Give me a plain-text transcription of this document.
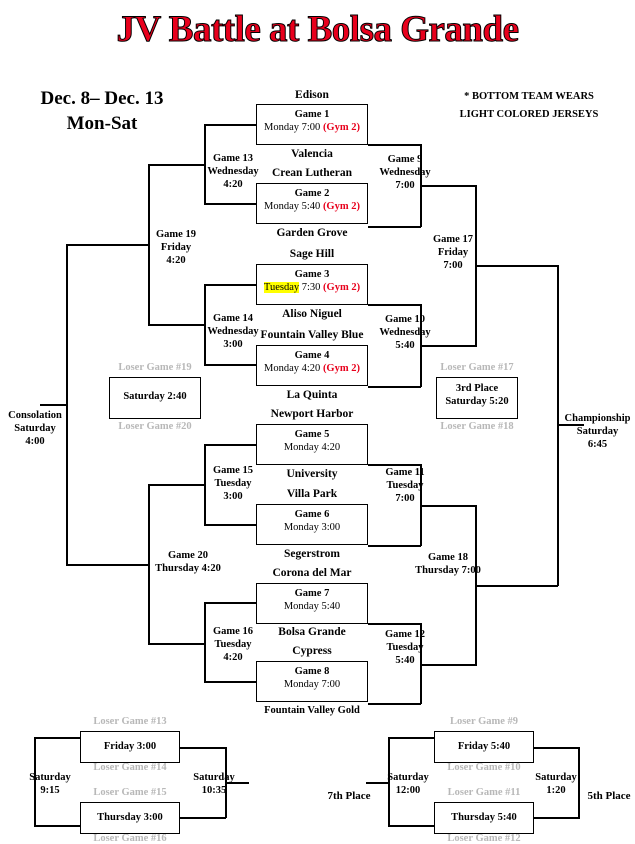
JV Battle at Bolsa Grande
Dec. 8– Dec. 13
Mon-Sat
* BOTTOM TEAM WEARS
LIGHT COLORED JERSEYS
Edison
Game 1
Monday 7:00 (Gym 2)
Valencia
Crean Lutheran
Game 2
Monday 5:40 (Gym 2)
Garden Grove
Sage Hill
Game 3
Tuesday 7:30 (Gym 2)
Aliso Niguel
Fountain Valley Blue
Game 4
Monday 4:20 (Gym 2)
La Quinta
Newport Harbor
Game 5
Monday 4:20
University
Villa Park
Game 6
Monday 3:00
Segerstrom
Corona del Mar
Game 7
Monday 5:40
Bolsa Grande
Cypress
Game 8
Monday 7:00
Fountain Valley Gold
Game 13
Wednesday
4:20
Game 14
Wednesday
3:00
Game 15
Tuesday
3:00
Game 16
Tuesday
4:20
Game 9
Wednesday
7:00
Game 10
Wednesday
5:40
Game 11
Tuesday
7:00
Game 12
Tuesday
5:40
Game 19
Friday
4:20
Game 20
Thursday 4:20
Game 17
Friday
7:00
Game 18
Thursday 7:00
Consolation
Saturday
4:00
Championship
Saturday
6:45
Loser Game #17
3rd Place
Saturday 5:20
Loser Game #18
Loser Game #19
Saturday 2:40
Loser Game #20
Loser Game #13
Friday 3:00
Loser Game #14
Loser Game #15
Thursday 3:00
Loser Game #16
Saturday
9:15
Saturday
10:35
Loser Game #9
Friday 5:40
Loser Game #10
Loser Game #11
Thursday 5:40
Loser Game #12
Saturday
12:00
7th Place
Saturday
1:20	5th Place
